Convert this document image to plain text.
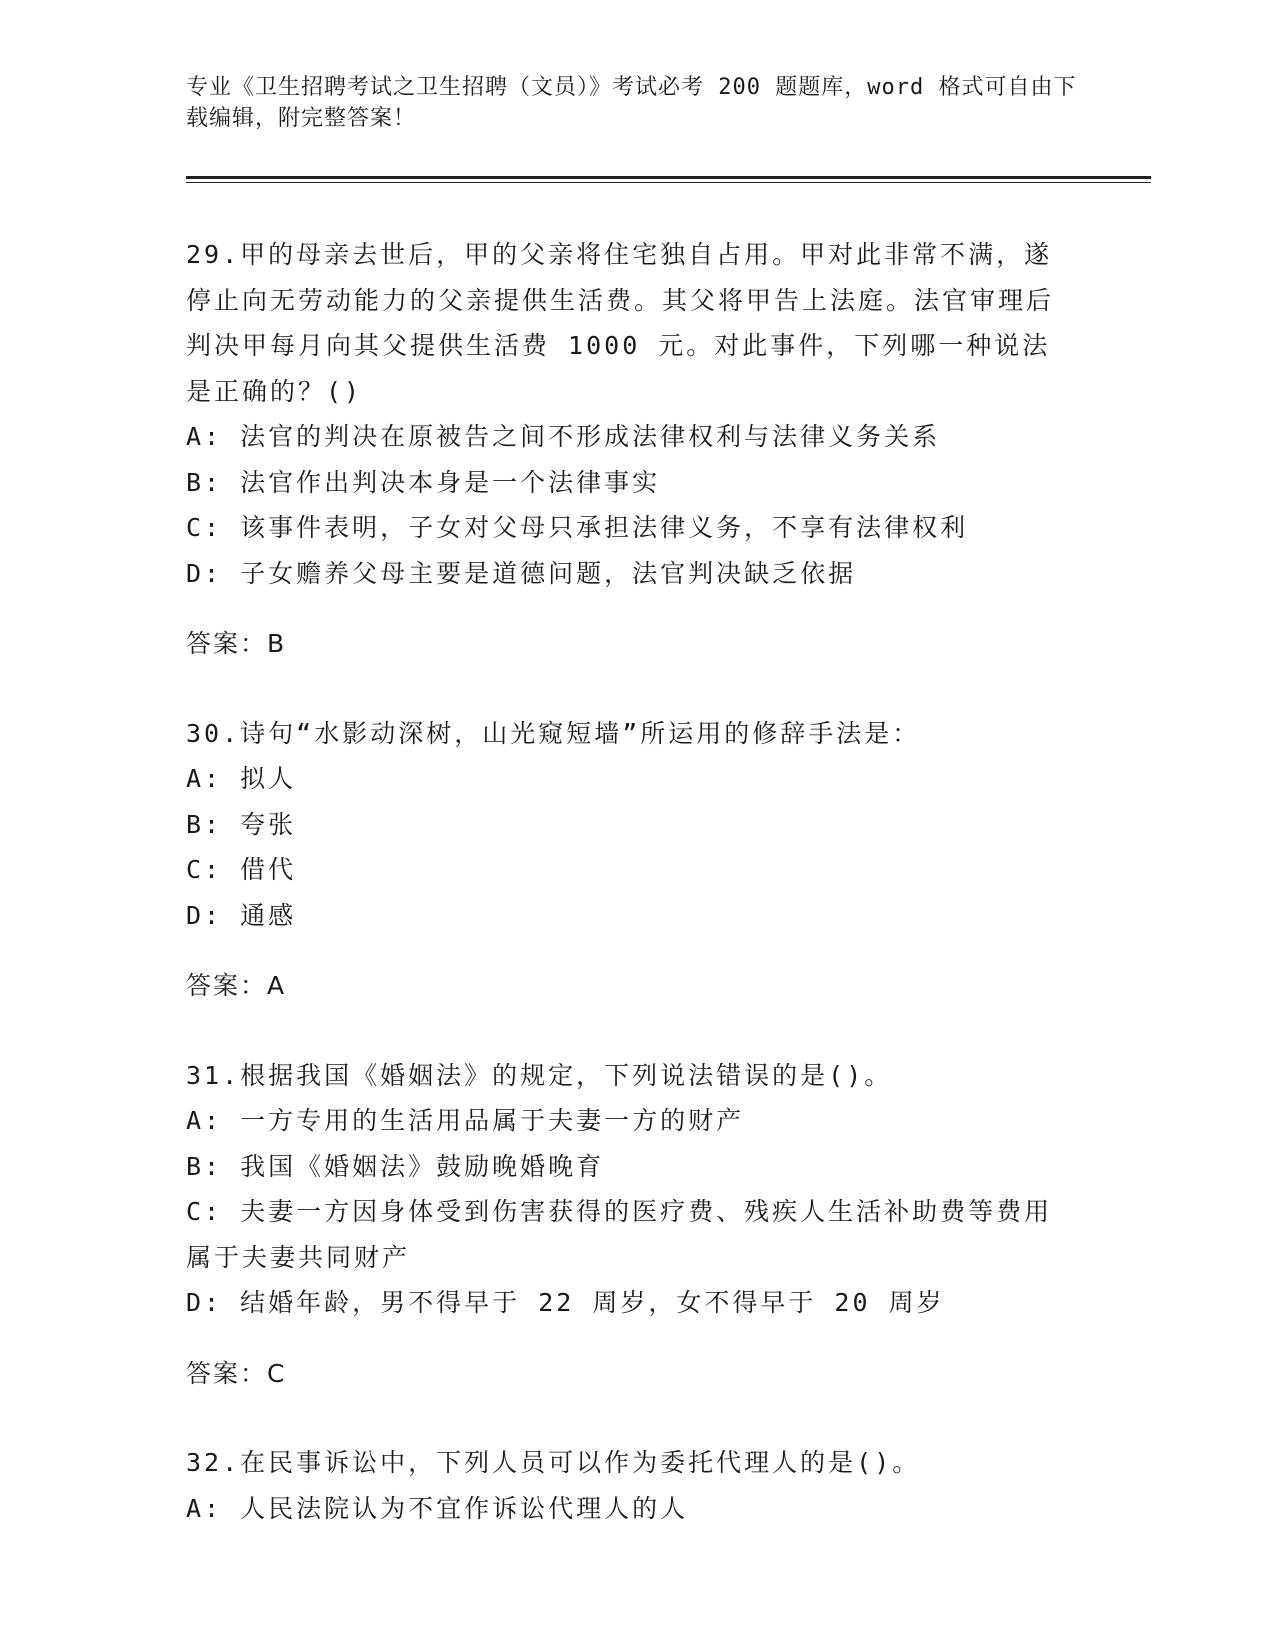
专业《卫生招聘考试之卫生招聘（文员）》考试必考 200 题题库，word 格式可自由下载编辑，附完整答案！

29.甲的母亲去世后，甲的父亲将住宅独自占用。甲对此非常不满，遂停止向无劳动能力的父亲提供生活费。其父将甲告上法庭。法官审理后判决甲每月向其父提供生活费 1000 元。对此事件，下列哪一种说法是正确的？()

A: 法官的判决在原被告之间不形成法律权利与法律义务关系

B: 法官作出判决本身是一个法律事实

C: 该事件表明，子女对父母只承担法律义务，不享有法律权利

D: 子女赡养父母主要是道德问题，法官判决缺乏依据

答案：B

30.诗句“水影动深树，山光窥短墙”所运用的修辞手法是：

A: 拟人

B: 夸张

C: 借代

D: 通感

答案：A

31.根据我国《婚姻法》的规定，下列说法错误的是()。

A: 一方专用的生活用品属于夫妻一方的财产

B: 我国《婚姻法》鼓励晚婚晚育

C: 夫妻一方因身体受到伤害获得的医疗费、残疾人生活补助费等费用属于夫妻共同财产

D: 结婚年龄，男不得早于 22 周岁，女不得早于 20 周岁

答案：C

32.在民事诉讼中，下列人员可以作为委托代理人的是()。

A: 人民法院认为不宜作诉讼代理人的人
